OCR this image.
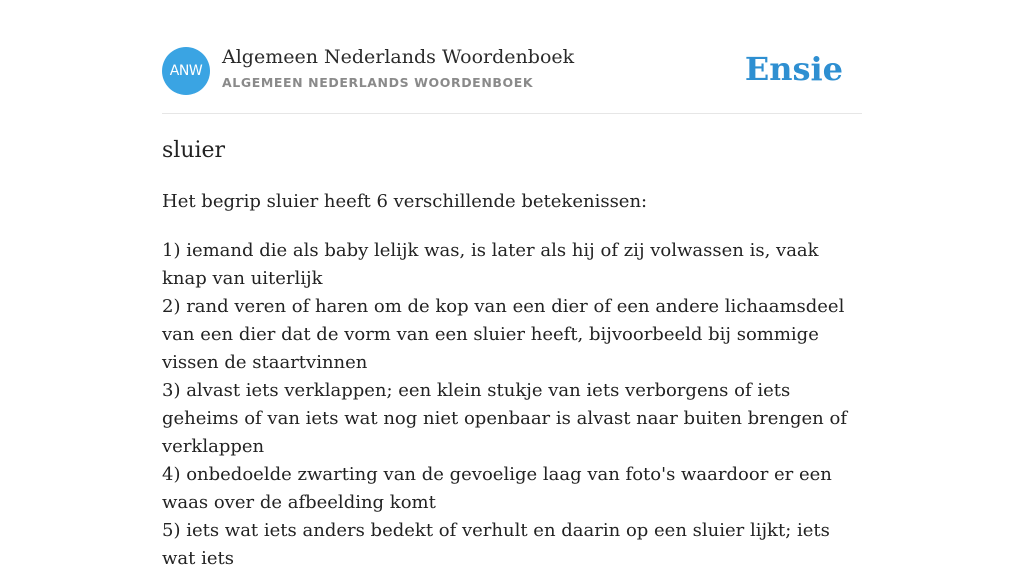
ANW
Algemeen Nederlands Woordenboek
ALGEMEEN NEDERLANDS WOORDENBOEK	Ensie
sluier
Het begrip sluier heeft 6 verschillende betekenissen:
1) iemand die als baby lelijk was, is later als hij of zij volwassen is, vaak knap van uiterlijk
2) rand veren of haren om de kop van een dier of een andere lichaamsdeel van een dier dat de vorm van een sluier heeft, bijvoorbeeld bij sommige vissen de staartvinnen
3) alvast iets verklappen; een klein stukje van iets verborgens of iets geheims of van iets wat nog niet openbaar is alvast naar buiten brengen of verklappen
4) onbedoelde zwarting van de gevoelige laag van foto's waardoor er een waas over de afbeelding komt
5) iets wat iets anders bedekt of verhult en daarin op een sluier lijkt; iets wat iets
